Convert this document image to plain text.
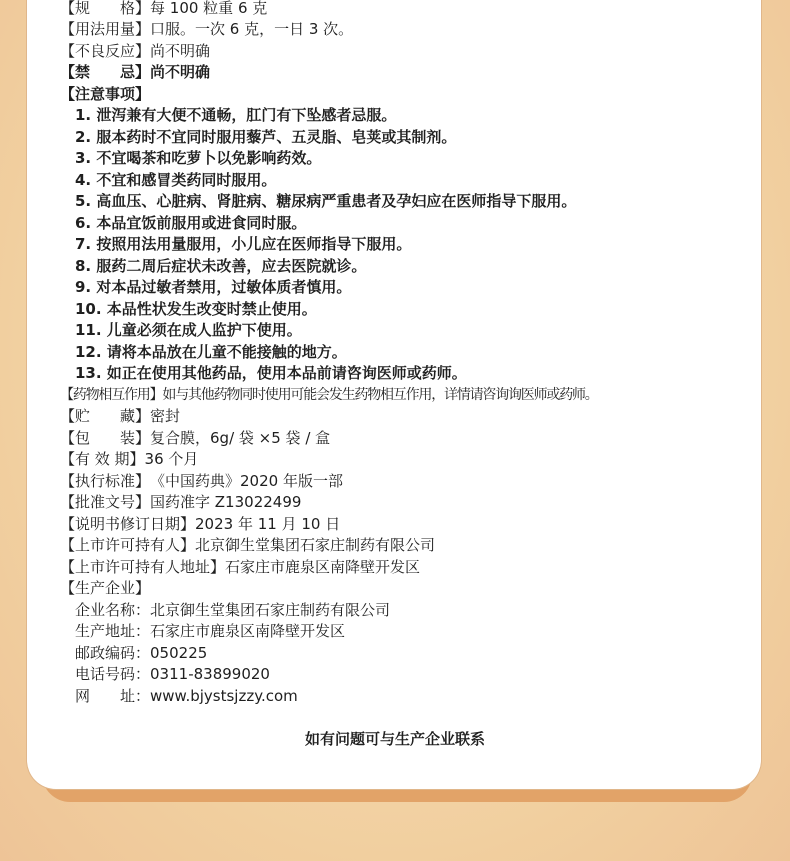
【规　　格】每 100 粒重 6 克
【用法用量】口服。一次 6 克，一日 3 次。
【不良反应】尚不明确
【禁　　忌】尚不明确
【注意事项】
1. 泄泻兼有大便不通畅，肛门有下坠感者忌服。
2. 服本药时不宜同时服用藜芦、五灵脂、皂荚或其制剂。
3. 不宜喝茶和吃萝卜以免影响药效。
4. 不宜和感冒类药同时服用。
5. 高血压、心脏病、肾脏病、糖尿病严重患者及孕妇应在医师指导下服用。
6. 本品宜饭前服用或进食同时服。
7. 按照用法用量服用，小儿应在医师指导下服用。
8. 服药二周后症状未改善，应去医院就诊。
9. 对本品过敏者禁用，过敏体质者慎用。
10. 本品性状发生改变时禁止使用。
11. 儿童必须在成人监护下使用。
12. 请将本品放在儿童不能接触的地方。
13. 如正在使用其他药品，使用本品前请咨询医师或药师。
【药物相互作用】如与其他药物同时使用可能会发生药物相互作用，详情请咨询询医师或药师。
【贮　　藏】密封
【包　　装】复合膜，6g/ 袋 ×5 袋 / 盒
【有 效 期】36 个月
【执行标准】《中国药典》2020 年版一部
【批准文号】国药准字 Z13022499
【说明书修订日期】2023 年 11 月 10 日
【上市许可持有人】北京御生堂集团石家庄制药有限公司
【上市许可持有人地址】石家庄市鹿泉区南降壁开发区
【生产企业】
企业名称：北京御生堂集团石家庄制药有限公司
生产地址：石家庄市鹿泉区南降壁开发区
邮政编码：050225
电话号码：0311-83899020
网　　址：www.bjystsjzzy.com
如有问题可与生产企业联系
